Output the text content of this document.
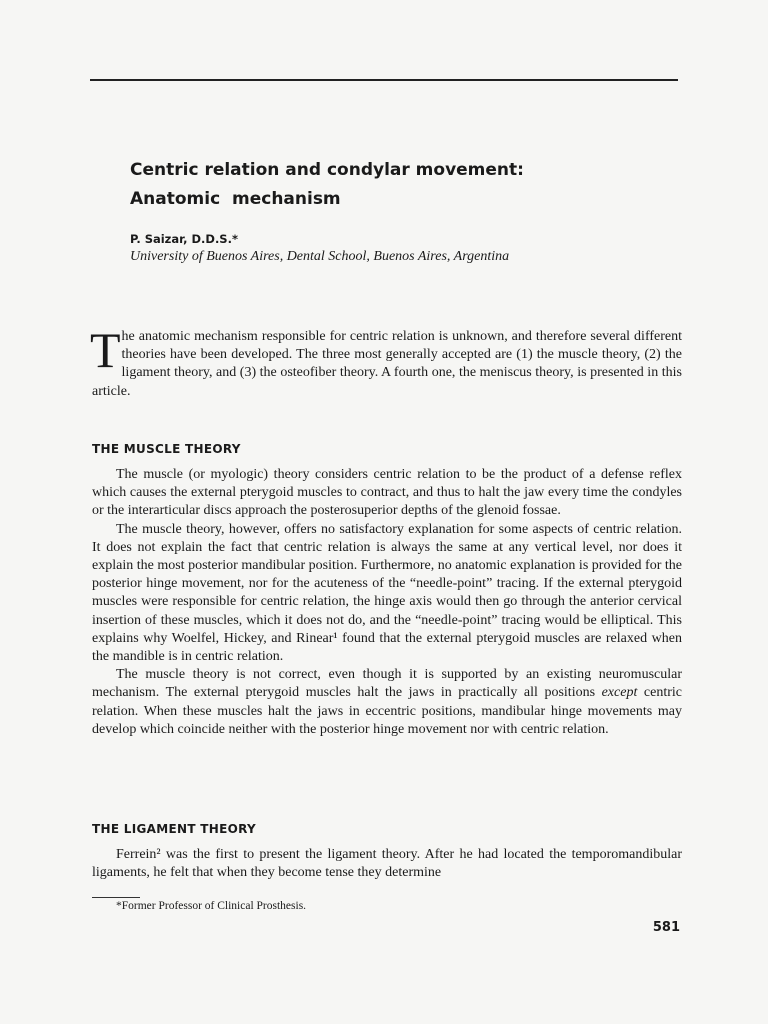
Centric relation and condylar movement:
Anatomic  mechanism
P. Saizar, D.D.S.*
University of Buenos Aires, Dental School, Buenos Aires, Argentina
The anatomic mechanism responsible for centric relation is unknown, and therefore several different theories have been developed. The three most generally accepted are (1) the muscle theory, (2) the ligament theory, and (3) the osteofiber theory. A fourth one, the meniscus theory, is presented in this article.
THE MUSCLE THEORY

The muscle (or myologic) theory considers centric relation to be the product of a defense reflex which causes the external pterygoid muscles to contract, and thus to halt the jaw every time the condyles or the interarticular discs approach the posterosuperior depths of the glenoid fossae.

The muscle theory, however, offers no satisfactory explanation for some aspects of centric relation. It does not explain the fact that centric relation is always the same at any vertical level, nor does it explain the most posterior mandibular position. Furthermore, no anatomic explanation is provided for the posterior hinge movement, nor for the acuteness of the “needle-point” tracing. If the external pterygoid muscles were responsible for centric relation, the hinge axis would then go through the anterior cervical insertion of these muscles, which it does not do, and the “needle-point” tracing would be elliptical. This explains why Woelfel, Hickey, and Rinear¹ found that the external pterygoid muscles are relaxed when the mandible is in centric relation.

The muscle theory is not correct, even though it is supported by an existing neuromuscular mechanism. The external pterygoid muscles halt the jaws in practically all positions except centric relation. When these muscles halt the jaws in eccentric positions, mandibular hinge movements may develop which coincide neither with the posterior hinge movement nor with centric relation.

THE LIGAMENT THEORY

Ferrein² was the first to present the ligament theory. After he had located the temporomandibular ligaments, he felt that when they become tense they determine

*Former Professor of Clinical Prosthesis.
581
